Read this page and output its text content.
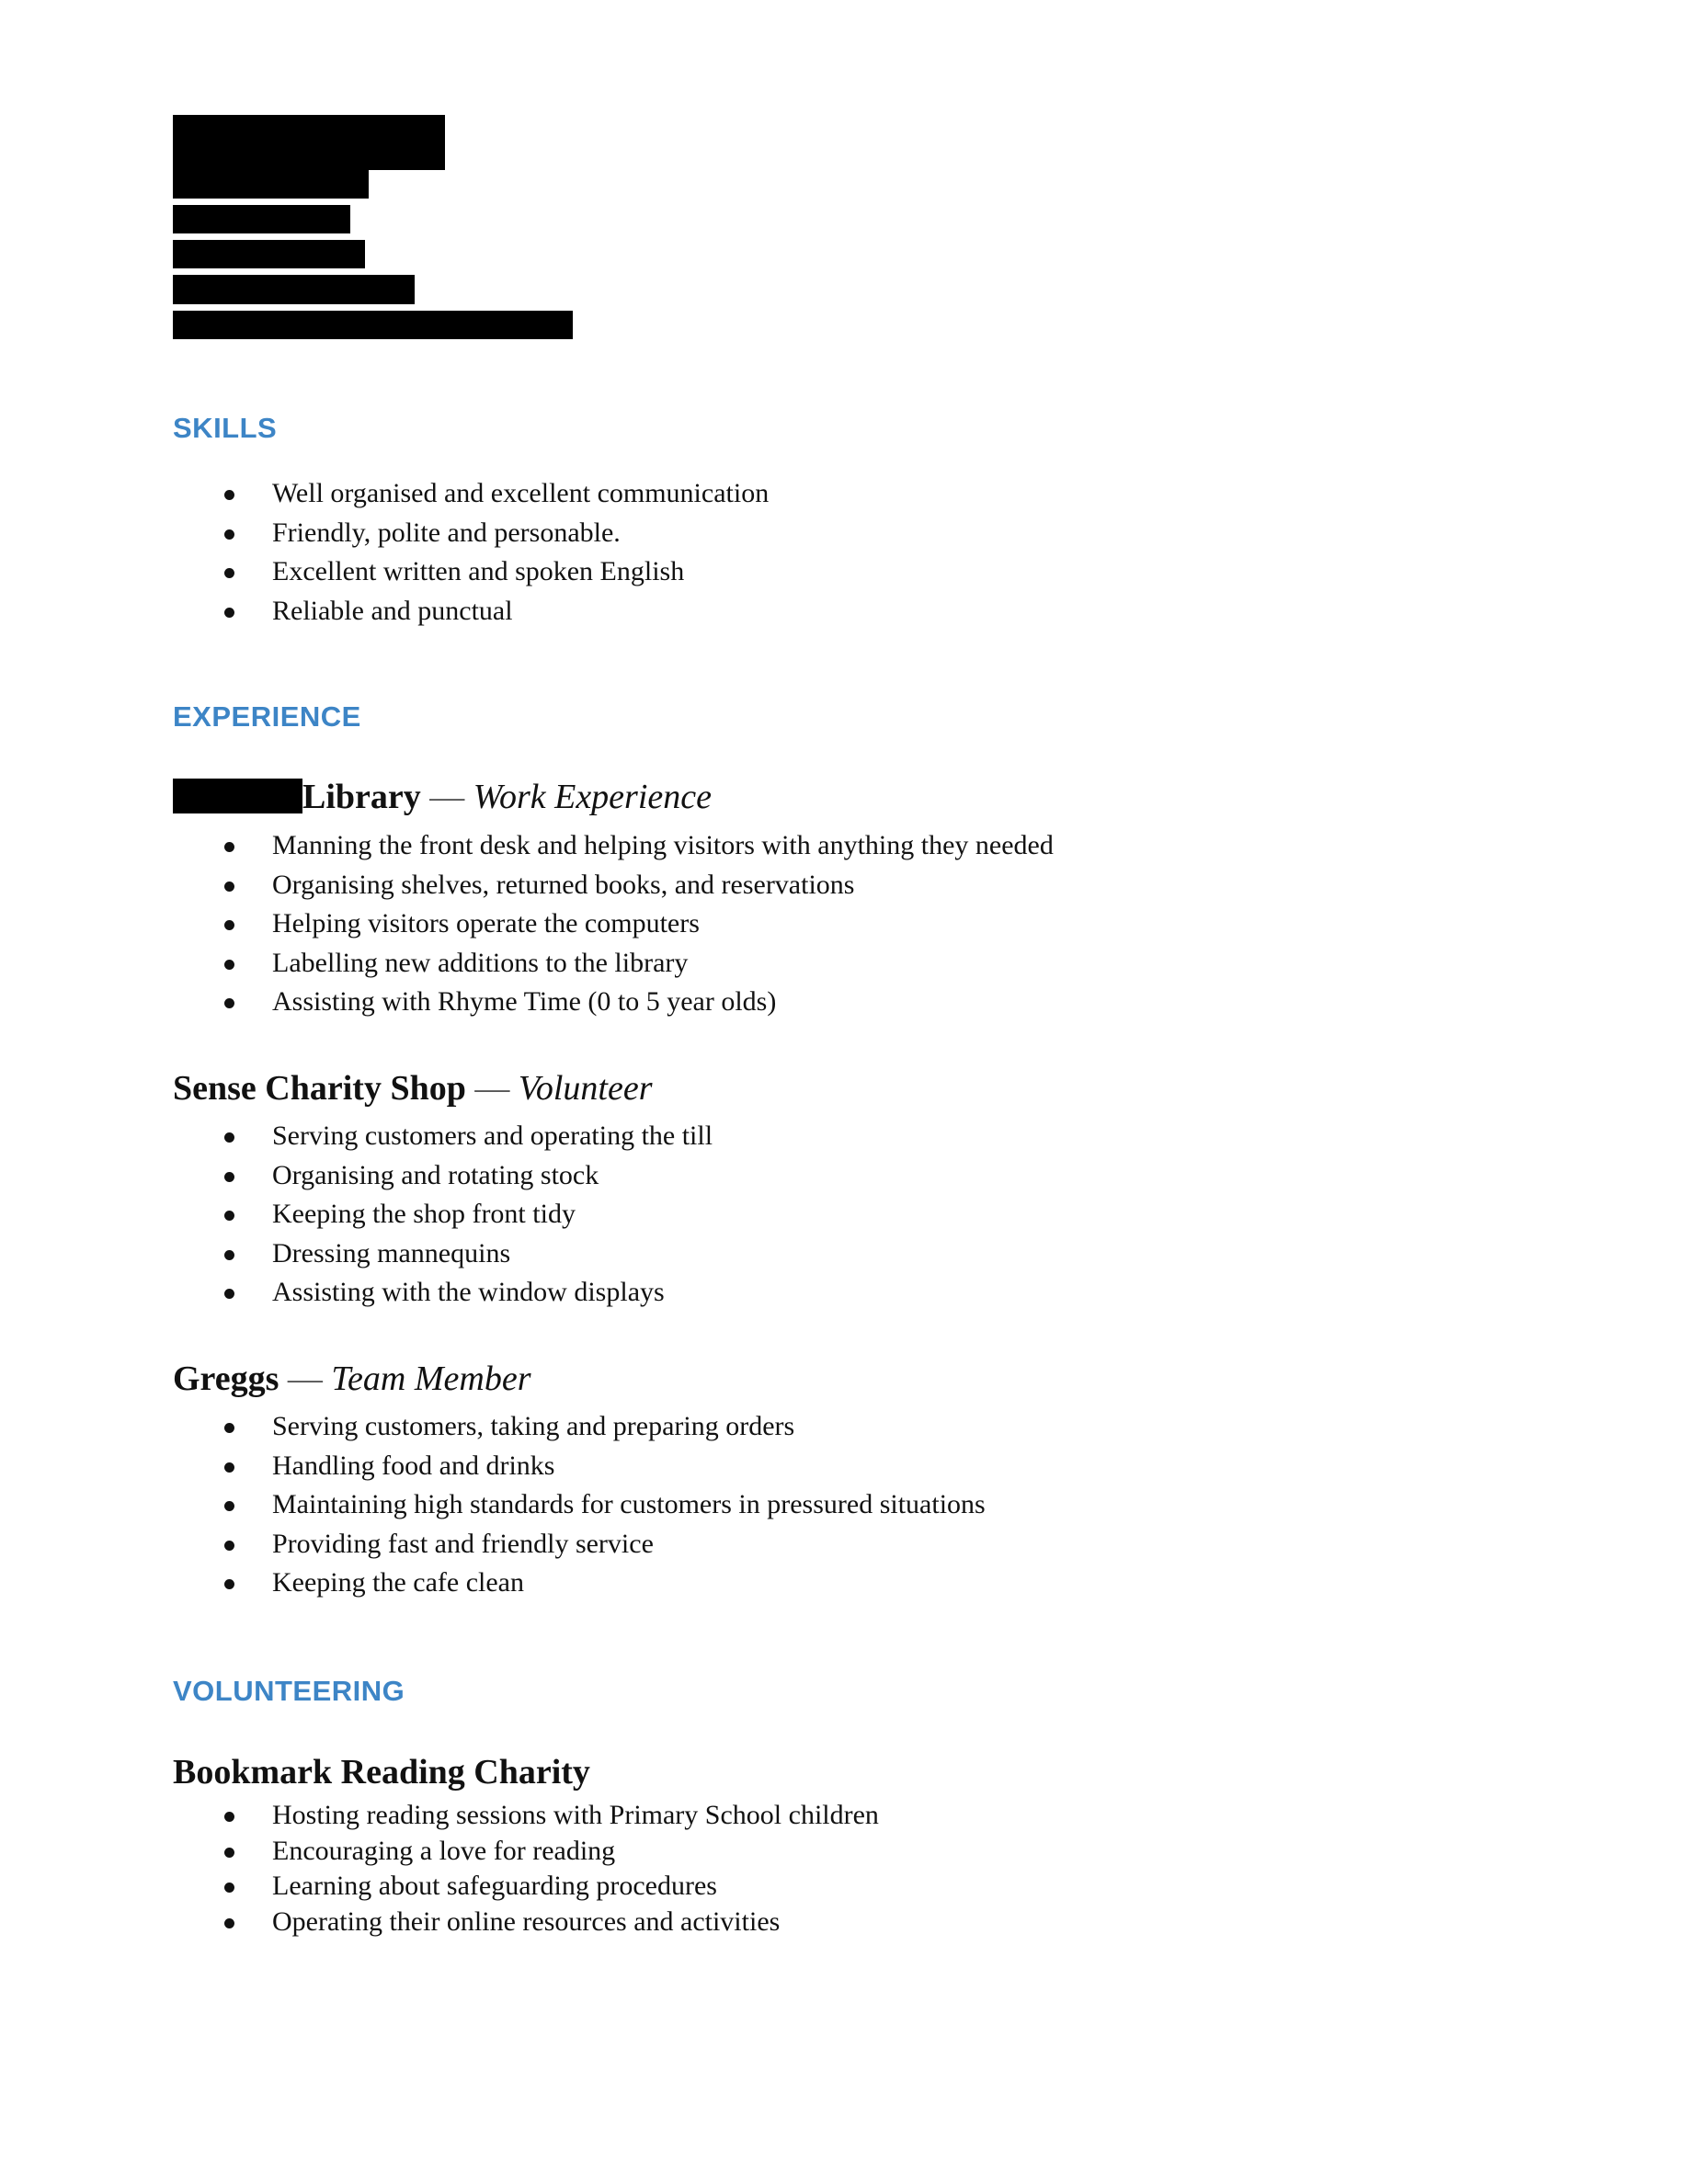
SKILLS
Well organised and excellent communication
Friendly, polite and personable.
Excellent written and spoken English
Reliable and punctual
EXPERIENCE
Library — Work Experience
Manning the front desk and helping visitors with anything they needed
Organising shelves, returned books, and reservations
Helping visitors operate the computers
Labelling new additions to the library
Assisting with Rhyme Time (0 to 5 year olds)
Sense Charity Shop — Volunteer
Serving customers and operating the till
Organising and rotating stock
Keeping the shop front tidy
Dressing mannequins
Assisting with the window displays
Greggs — Team Member
Serving customers, taking and preparing orders
Handling food and drinks
Maintaining high standards for customers in pressured situations
Providing fast and friendly service
Keeping the cafe clean
VOLUNTEERING
Bookmark Reading Charity
Hosting reading sessions with Primary School children
Encouraging a love for reading
Learning about safeguarding procedures
Operating their online resources and activities
